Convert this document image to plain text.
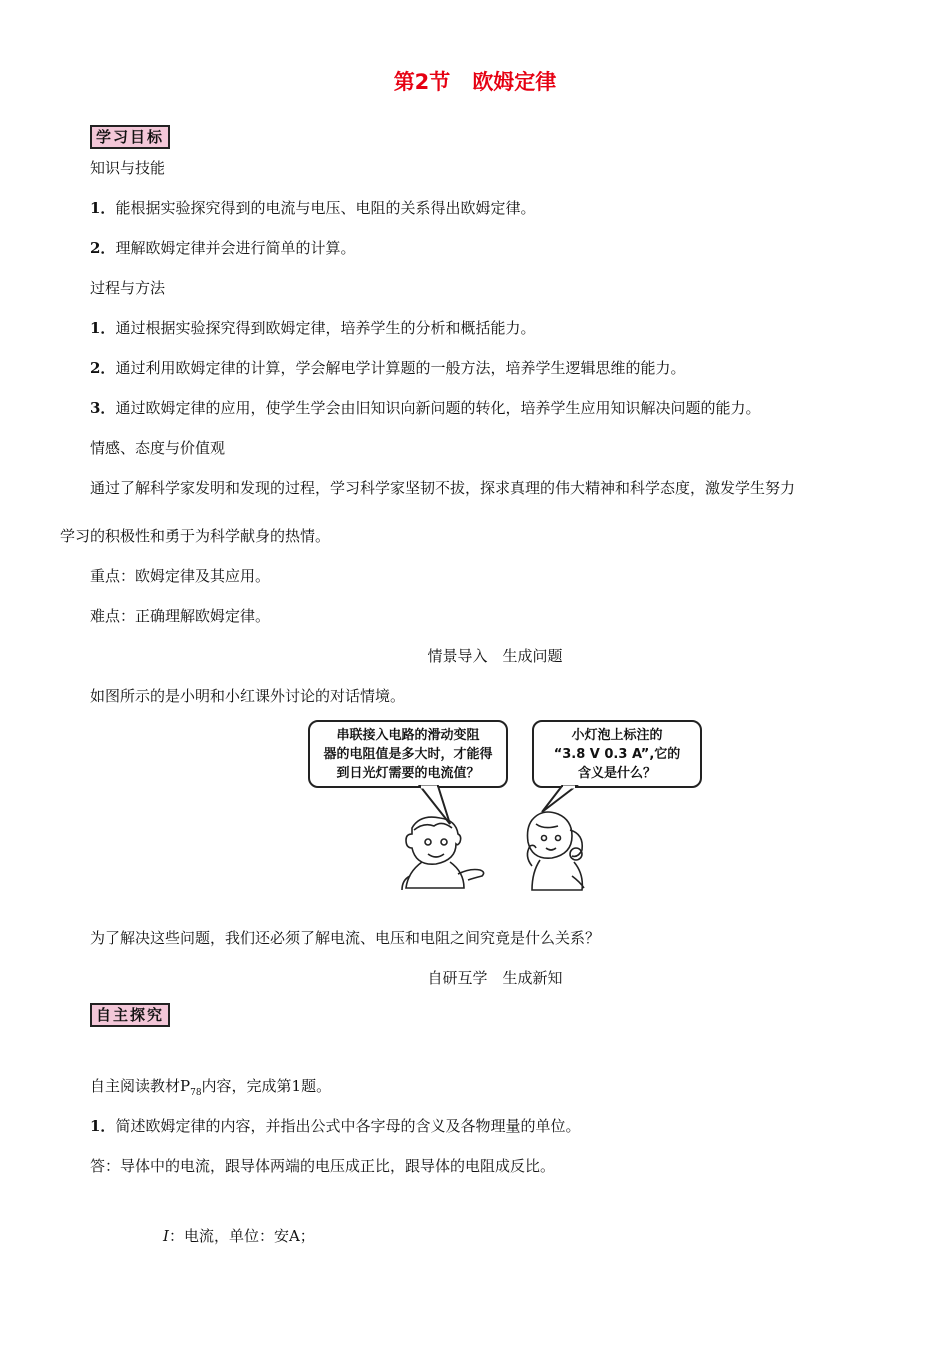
第2节 欧姆定律
学习目标
知识与技能
1．能根据实验探究得到的电流与电压、电阻的关系得出欧姆定律。
2．理解欧姆定律并会进行简单的计算。
过程与方法
1．通过根据实验探究得到欧姆定律，培养学生的分析和概括能力。
2．通过利用欧姆定律的计算，学会解电学计算题的一般方法，培养学生逻辑思维的能力。
3．通过欧姆定律的应用，使学生学会由旧知识向新问题的转化，培养学生应用知识解决问题的能力。
情感、态度与价值观
通过了解科学家发明和发现的过程，学习科学家坚韧不拔，探求真理的伟大精神和科学态度，激发学生努力
学习的积极性和勇于为科学献身的热情。
重点：欧姆定律及其应用。
难点：正确理解欧姆定律。
情景导入　生成问题
如图所示的是小明和小红课外讨论的对话情境。
串联接入电路的滑动变阻
器的电阻值是多大时，才能得
到日光灯需要的电流值？
小灯泡上标注的
“3.8 V 0.3 A”,它的
含义是什么？
为了解决这些问题，我们还必须了解电流、电压和电阻之间究竟是什么关系？
自研互学　生成新知
自主探究
自主阅读教材$P_{78}$内容，完成第1题。
1．简述欧姆定律的内容，并指出公式中各字母的含义及各物理量的单位。
答：导体中的电流，跟导体两端的电压成正比，跟导体的电阻成反比。
I：电流，单位：安A；
